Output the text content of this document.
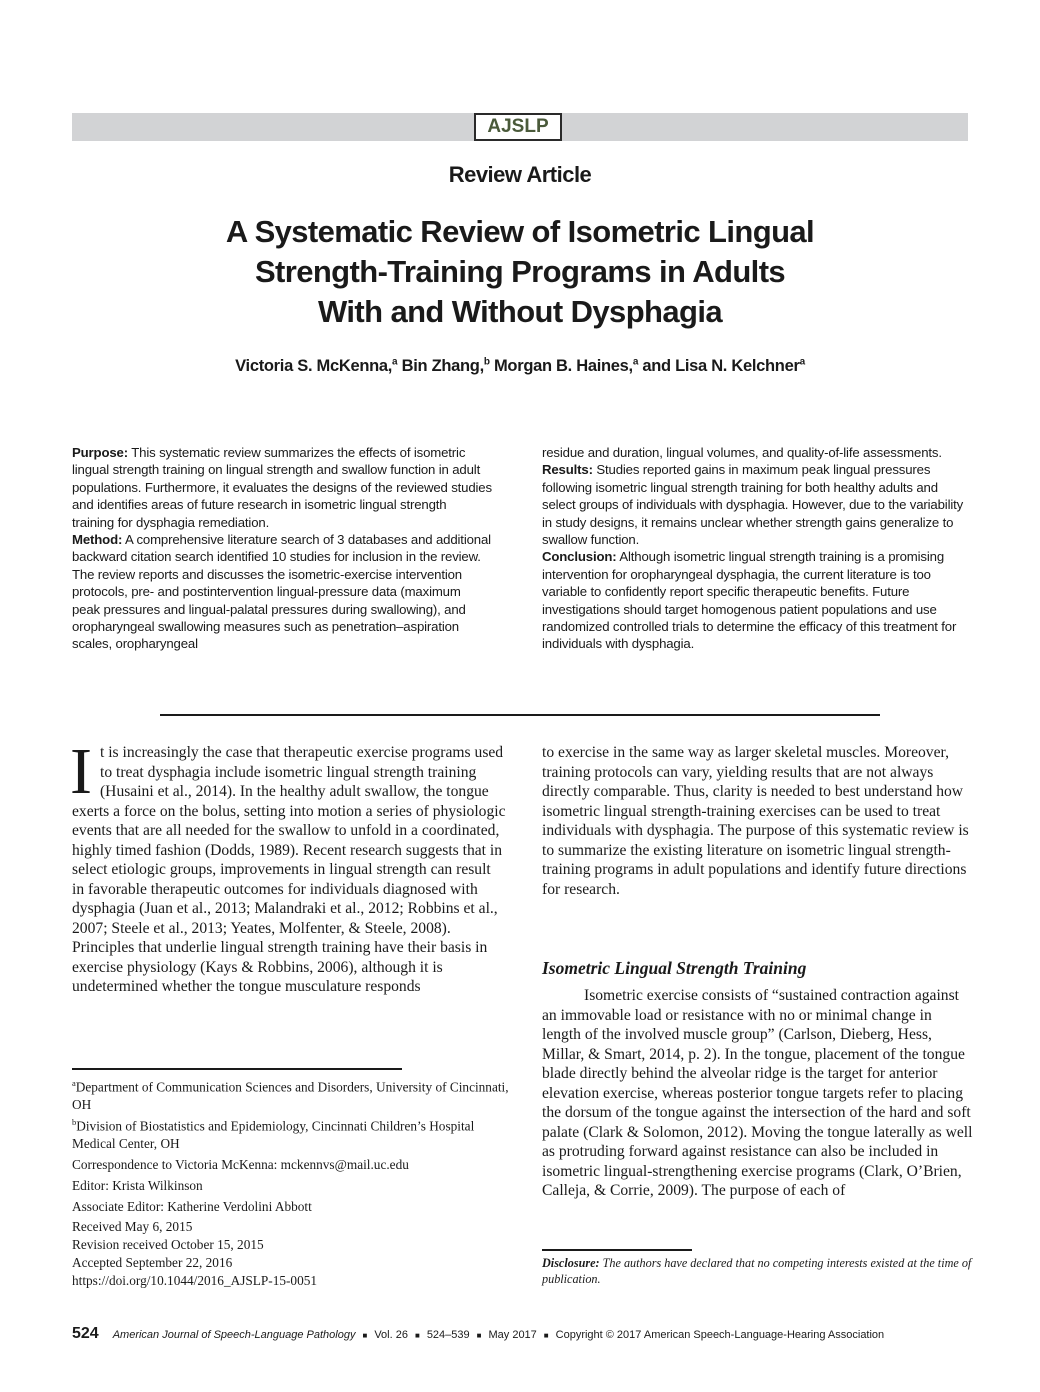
AJSLP
Review Article
A Systematic Review of Isometric Lingual
Strength-Training Programs in Adults
With and Without Dysphagia
Victoria S. McKenna,$^a$ Bin Zhang,$^b$ Morgan B. Haines,$^a$ and Lisa N. Kelchner$^a$

Purpose: This systematic review summarizes the effects of isometric lingual strength training on lingual strength and swallow function in adult populations. Furthermore, it evaluates the designs of the reviewed studies and identifies areas of future research in isometric lingual strength training for dysphagia remediation.

Method: A comprehensive literature search of 3 databases and additional backward citation search identified 10 studies for inclusion in the review. The review reports and discusses the isometric-exercise intervention protocols, pre- and postintervention lingual-pressure data (maximum peak pressures and lingual-palatal pressures during swallowing), and oropharyngeal swallowing measures such as penetration–aspiration scales, oropharyngeal

residue and duration, lingual volumes, and quality-of-life assessments.

Results: Studies reported gains in maximum peak lingual pressures following isometric lingual strength training for both healthy adults and select groups of individuals with dysphagia. However, due to the variability in study designs, it remains unclear whether strength gains generalize to swallow function.

Conclusion: Although isometric lingual strength training is a promising intervention for oropharyngeal dysphagia, the current literature is too variable to confidently report specific therapeutic benefits. Future investigations should target homogenous patient populations and use randomized controlled trials to determine the efficacy of this treatment for individuals with dysphagia.

It is increasingly the case that therapeutic exercise programs used to treat dysphagia include isometric lingual strength training (Husaini et al., 2014). In the healthy adult swallow, the tongue exerts a force on the bolus, setting into motion a series of physiologic events that are all needed for the swallow to unfold in a coordinated, highly timed fashion (Dodds, 1989). Recent research suggests that in select etiologic groups, improvements in lingual strength can result in favorable therapeutic outcomes for individuals diagnosed with dysphagia (Juan et al., 2013; Malandraki et al., 2012; Robbins et al., 2007; Steele et al., 2013; Yeates, Molfenter, & Steele, 2008). Principles that underlie lingual strength training have their basis in exercise physiology (Kays & Robbins, 2006), although it is undetermined whether the tongue musculature responds

to exercise in the same way as larger skeletal muscles. Moreover, training protocols can vary, yielding results that are not always directly comparable. Thus, clarity is needed to best understand how isometric lingual strength-training exercises can be used to treat individuals with dysphagia. The purpose of this systematic review is to summarize the existing literature on isometric lingual strength-training programs in adult populations and identify future directions for research.

Isometric Lingual Strength Training

Isometric exercise consists of “sustained contraction against an immovable load or resistance with no or minimal change in length of the involved muscle group” (Carlson, Dieberg, Hess, Millar, & Smart, 2014, p. 2). In the tongue, placement of the tongue blade directly behind the alveolar ridge is the target for anterior elevation exercise, whereas posterior tongue targets refer to placing the dorsum of the tongue against the intersection of the hard and soft palate (Clark & Solomon, 2012). Moving the tongue laterally as well as protruding forward against resistance can also be included in isometric lingual-strengthening exercise programs (Clark, O’Brien, Calleja, & Corrie, 2009). The purpose of each of

$^a$Department of Communication Sciences and Disorders, University of Cincinnati, OH

$^b$Division of Biostatistics and Epidemiology, Cincinnati Children’s Hospital Medical Center, OH

Correspondence to Victoria McKenna: mckennvs@mail.uc.edu

Editor: Krista Wilkinson

Associate Editor: Katherine Verdolini Abbott

Received May 6, 2015

Revision received October 15, 2015

Accepted September 22, 2016

https://doi.org/10.1044/2016_AJSLP-15-0051

Disclosure: The authors have declared that no competing interests existed at the time of publication.
524 American Journal of Speech-Language Pathology ■ Vol. 26 ■ 524–539 ■ May 2017 ■ Copyright © 2017 American Speech-Language-Hearing Association
